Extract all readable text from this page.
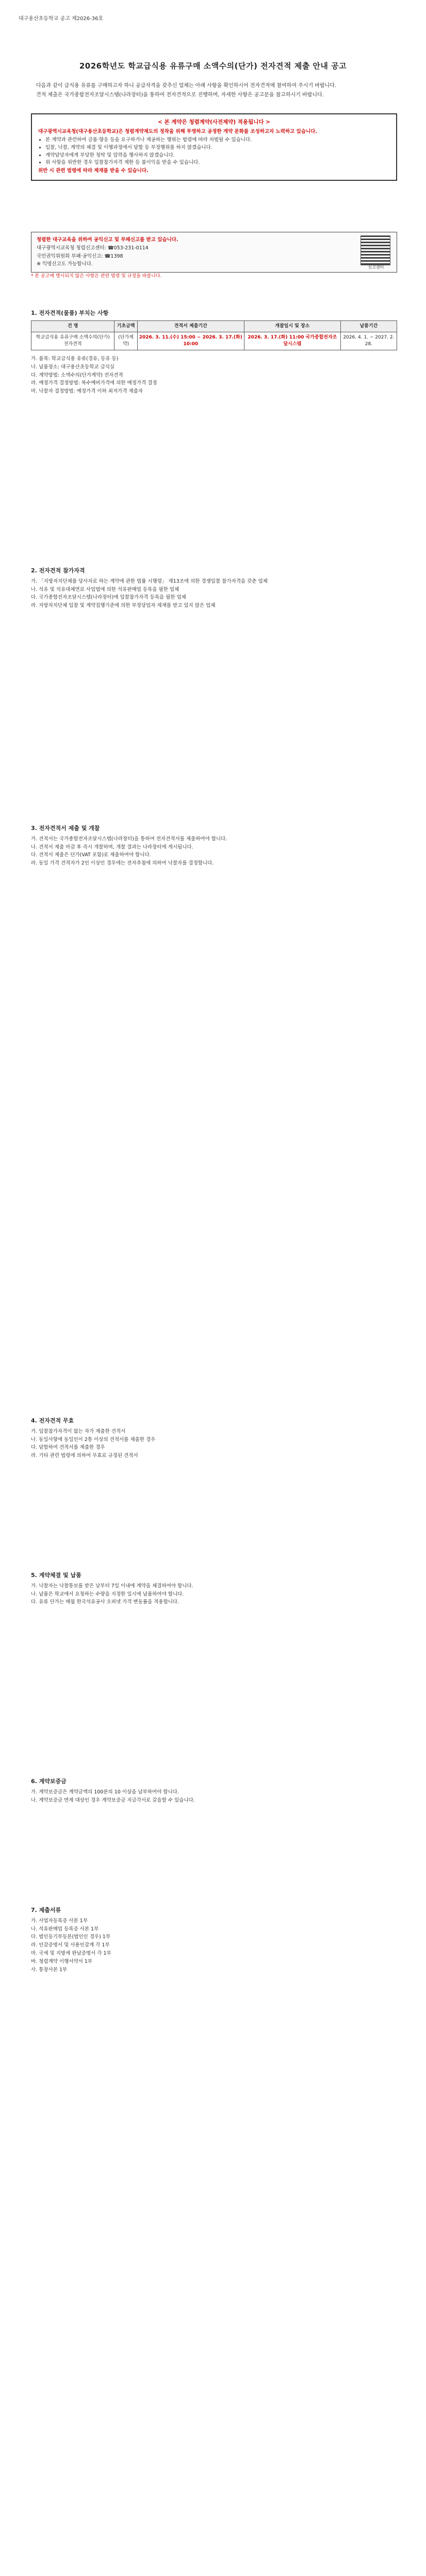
대구용산초등학교 공고 제2026-36호
2026학년도 학교급식용 유류구매 소액수의(단가) 전자견적 제출 안내 공고

다음과 같이 급식용 유류를 구매하고자 하니 공급자격을 갖추신 업체는 아래 사항을 확인하시어 전자견적에 참여하여 주시기 바랍니다.

견적 제출은 국가종합전자조달시스템(나라장터)을 통하여 전자견적으로 진행하며, 자세한 사항은 공고문을 참고하시기 바랍니다.

< 본 계약은 청렴계약(사전제약) 적용됩니다 >

대구광역시교육청(대구용산초등학교)은 청렴계약제도의 정착을 위해 투명하고 공정한 계약 문화를 조성하고자 노력하고 있습니다.

• 본 계약과 관련하여 금품·향응 등을 요구하거나 제공하는 행위는 법령에 따라 처벌될 수 있습니다.
• 입찰, 낙찰, 계약의 체결 및 이행과정에서 담합 등 부정행위를 하지 않겠습니다.
• 계약담당자에게 부당한 청탁 및 압력을 행사하지 않겠습니다.
• 위 사항을 위반한 경우 입찰참가자격 제한 등 불이익을 받을 수 있습니다.

위반 시 관련 법령에 따라 제재를 받을 수 있습니다.

청렴한 대구교육을 위하여 공익신고 및 부패신고를 받고 있습니다.
대구광역시교육청 청렴신고센터: ☎053-231-0114
국민권익위원회 부패·공익신고: ☎1398
※ 익명신고도 가능합니다.
신고센터
* 본 공고에 명시되지 않은 사항은 관련 법령 및 규정을 따릅니다.
1. 전자견적(물품) 부치는 사항
건 명	기초금액	견적서 제출기간	개찰일시 및 장소	납품기간
학교급식용 유류구매 소액수의(단가) 전자견적	(단가계약)	2026. 3. 11.(수) 15:00 ~ 2026. 3. 17.(화) 10:00	2026. 3. 17.(화) 11:00 국가종합전자조달시스템	2026. 4. 1. ~ 2027. 2. 28.

가. 품목: 학교급식용 유류(경유, 등유 등)

나. 납품장소: 대구용산초등학교 급식실

다. 계약방법: 소액수의(단가계약) 전자견적

라. 예정가격 결정방법: 복수예비가격에 의한 예정가격 결정

마. 낙찰자 결정방법: 예정가격 이하 최저가격 제출자

2. 전자견적 참가자격

가. 「지방자치단체를 당사자로 하는 계약에 관한 법률 시행령」 제13조에 의한 경쟁입찰 참가자격을 갖춘 업체

나. 석유 및 석유대체연료 사업법에 의한 석유판매업 등록을 필한 업체

다. 국가종합전자조달시스템(나라장터)에 입찰참가자격 등록을 필한 업체

라. 지방자치단체 입찰 및 계약집행기준에 의한 부정당업자 제재를 받고 있지 않은 업체

3. 전자견적서 제출 및 개찰

가. 견적서는 국가종합전자조달시스템(나라장터)을 통하여 전자견적서를 제출하여야 합니다.

나. 견적서 제출 마감 후 즉시 개찰하며, 개찰 결과는 나라장터에 게시됩니다.

다. 견적서 제출은 단가(VAT 포함)로 제출하여야 합니다.

라. 동일 가격 견적자가 2인 이상인 경우에는 전자추첨에 의하여 낙찰자를 결정합니다.

4. 전자견적 무효

가. 입찰참가자격이 없는 자가 제출한 견적서

나. 동일사항에 동일인이 2통 이상의 견적서를 제출한 경우

다. 담합하여 견적서를 제출한 경우

라. 기타 관련 법령에 의하여 무효로 규정된 견적서

5. 계약체결 및 납품

가. 낙찰자는 낙찰통보를 받은 날부터 7일 이내에 계약을 체결하여야 합니다.

나. 납품은 학교에서 요청하는 수량을 지정한 일시에 납품하여야 합니다.

다. 유류 단가는 매월 한국석유공사 오피넷 가격 변동률을 적용합니다.

6. 계약보증금

가. 계약보증금은 계약금액의 100분의 10 이상을 납부하여야 합니다.

나. 계약보증금 면제 대상인 경우 계약보증금 지급각서로 갈음할 수 있습니다.

7. 제출서류

가. 사업자등록증 사본 1부

나. 석유판매업 등록증 사본 1부

다. 법인등기부등본(법인인 경우) 1부

라. 인감증명서 및 사용인감계 각 1부

마. 국세 및 지방세 완납증명서 각 1부

바. 청렴계약 이행서약서 1부

사. 통장사본 1부
